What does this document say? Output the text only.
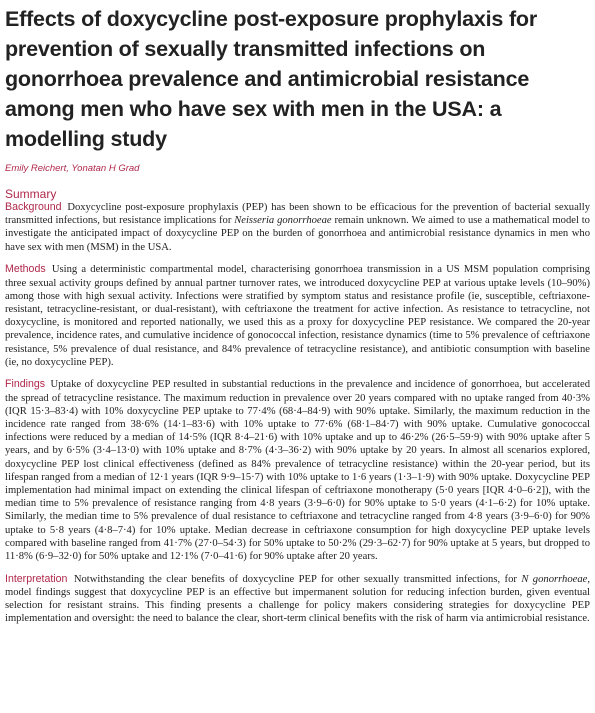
Effects of doxycycline post-exposure prophylaxis for prevention of sexually transmitted infections on gonorrhoea prevalence and antimicrobial resistance among men who have sex with men in the USA: a modelling study
Emily Reichert, Yonatan H Grad
Summary

Background Doxycycline post-exposure prophylaxis (PEP) has been shown to be efficacious for the prevention of bacterial sexually transmitted infections, but resistance implications for Neisseria gonorrhoeae remain unknown. We aimed to use a mathematical model to investigate the anticipated impact of doxycycline PEP on the burden of gonorrhoea and antimicrobial resistance dynamics in men who have sex with men (MSM) in the USA.

Methods Using a deterministic compartmental model, characterising gonorrhoea transmission in a US MSM population comprising three sexual activity groups defined by annual partner turnover rates, we introduced doxycycline PEP at various uptake levels (10–90%) among those with high sexual activity. Infections were stratified by symptom status and resistance profile (ie, susceptible, ceftriaxone-resistant, tetracycline-resistant, or dual-resistant), with ceftriaxone the treatment for active infection. As resistance to tetracycline, not doxycycline, is monitored and reported nationally, we used this as a proxy for doxycycline PEP resistance. We compared the 20-year prevalence, incidence rates, and cumulative incidence of gonococcal infection, resistance dynamics (time to 5% prevalence of ceftriaxone resistance, 5% prevalence of dual resistance, and 84% prevalence of tetracycline resistance), and antibiotic consumption with baseline (ie, no doxycycline PEP).

Findings Uptake of doxycycline PEP resulted in substantial reductions in the prevalence and incidence of gonorrhoea, but accelerated the spread of tetracycline resistance. The maximum reduction in prevalence over 20 years compared with no uptake ranged from 40·3% (IQR 15·3–83·4) with 10% doxycycline PEP uptake to 77·4% (68·4–84·9) with 90% uptake. Similarly, the maximum reduction in the incidence rate ranged from 38·6% (14·1–83·6) with 10% uptake to 77·6% (68·1–84·7) with 90% uptake. Cumulative gonococcal infections were reduced by a median of 14·5% (IQR 8·4–21·6) with 10% uptake and up to 46·2% (26·5–59·9) with 90% uptake after 5 years, and by 6·5% (3·4–13·0) with 10% uptake and 8·7% (4·3–36·2) with 90% uptake by 20 years. In almost all scenarios explored, doxycycline PEP lost clinical effectiveness (defined as 84% prevalence of tetracycline resistance) within the 20-year period, but its lifespan ranged from a median of 12·1 years (IQR 9·9–15·7) with 10% uptake to 1·6 years (1·3–1·9) with 90% uptake. Doxycycline PEP implementation had minimal impact on extending the clinical lifespan of ceftriaxone monotherapy (5·0 years [IQR 4·0–6·2]), with the median time to 5% prevalence of resistance ranging from 4·8 years (3·9–6·0) for 90% uptake to 5·0 years (4·1–6·2) for 10% uptake. Similarly, the median time to 5% prevalence of dual resistance to ceftriaxone and tetracycline ranged from 4·8 years (3·9–6·0) for 90% uptake to 5·8 years (4·8–7·4) for 10% uptake. Median decrease in ceftriaxone consumption for high doxycycline PEP uptake levels compared with baseline ranged from 41·7% (27·0–54·3) for 50% uptake to 50·2% (29·3–62·7) for 90% uptake at 5 years, but dropped to 11·8% (6·9–32·0) for 50% uptake and 12·1% (7·0–41·6) for 90% uptake after 20 years.

Interpretation Notwithstanding the clear benefits of doxycycline PEP for other sexually transmitted infections, for N gonorrhoeae, model findings suggest that doxycycline PEP is an effective but impermanent solution for reducing infection burden, given eventual selection for resistant strains. This finding presents a challenge for policy makers considering strategies for doxycycline PEP implementation and oversight: the need to balance the clear, short-term clinical benefits with the risk of harm via antimicrobial resistance.
